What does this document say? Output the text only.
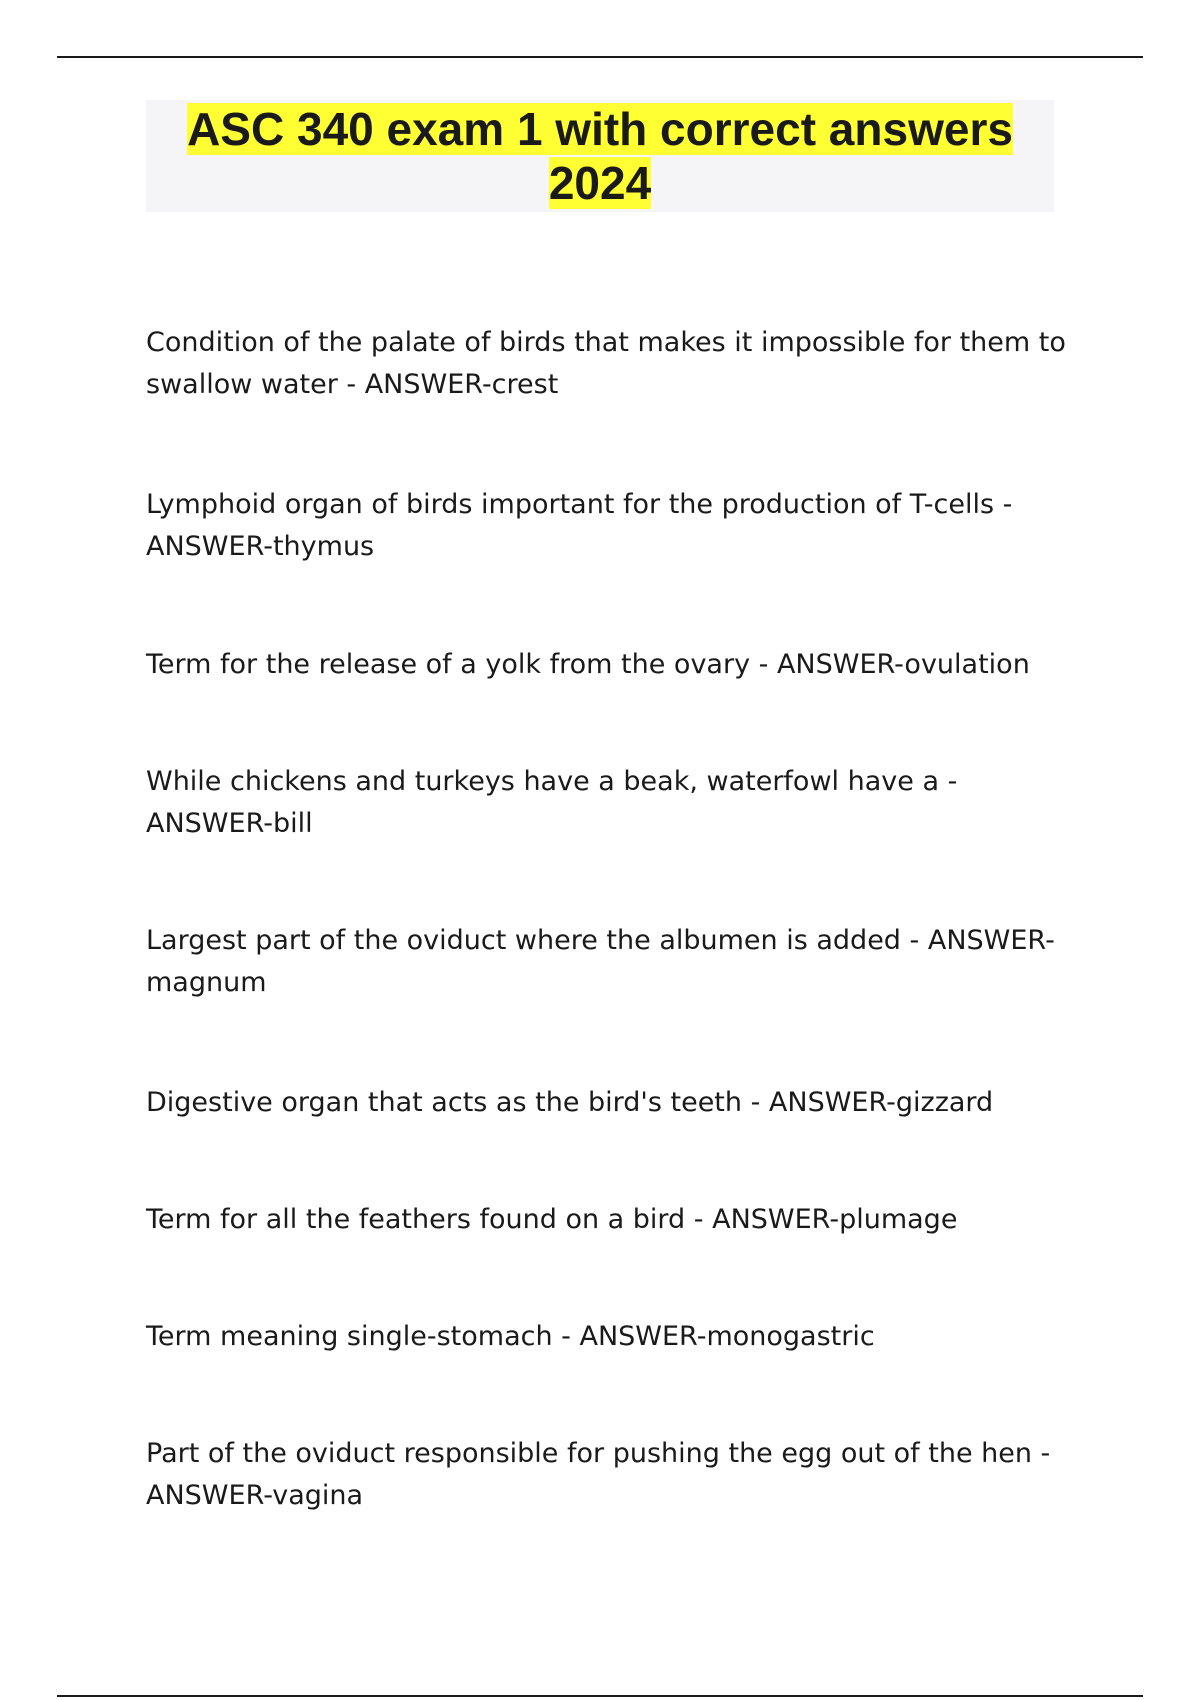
ASC 340 exam 1 with correct answers 2024

Condition of the palate of birds that makes it impossible for them to swallow water - ANSWER-crest

Lymphoid organ of birds important for the production of T-cells - ANSWER-thymus

Term for the release of a yolk from the ovary - ANSWER-ovulation

While chickens and turkeys have a beak, waterfowl have a - ANSWER-bill

Largest part of the oviduct where the albumen is added - ANSWER-magnum

Digestive organ that acts as the bird's teeth - ANSWER-gizzard

Term for all the feathers found on a bird - ANSWER-plumage

Term meaning single-stomach - ANSWER-monogastric

Part of the oviduct responsible for pushing the egg out of the hen - ANSWER-vagina
